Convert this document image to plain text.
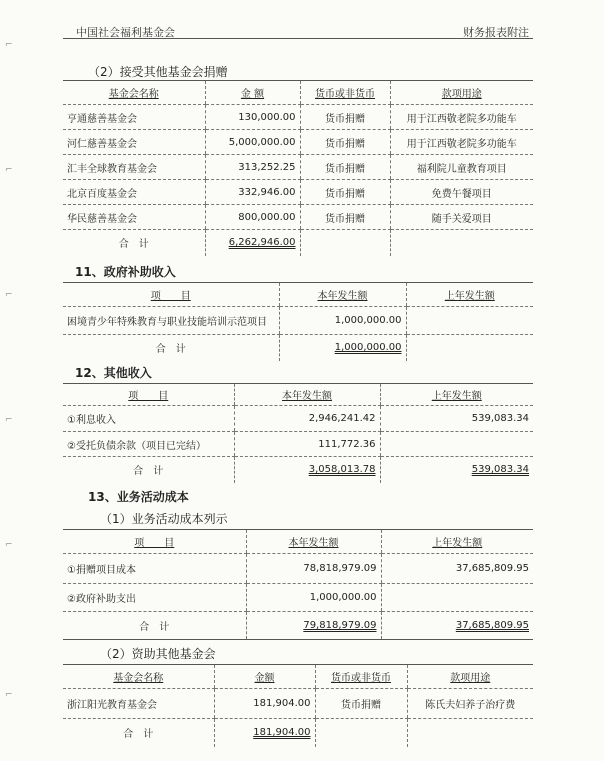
中国社会福利基金会	财务报表附注
⌐
⌐
⌐
⌐
⌐
⌐
（2）接受其他基金会捐赠
基金会名称	金 额	货币或非货币	款项用途
亨通慈善基金会	130,000.00	货币捐赠	用于江西敬老院多功能车
河仁慈善基金会	5,000,000.00	货币捐赠	用于江西敬老院多功能车
汇丰全球教育基金会	313,252.25	货币捐赠	福利院儿童教育项目
北京百度基金会	332,946.00	货币捐赠	免费午餐项目
华民慈善基金会	800,000.00	货币捐赠	随手关爱项目
合　计	6,262,946.00		
11、政府补助收入
项　　目	本年发生额	上年发生额
困境青少年特殊教育与职业技能培训示范项目	1,000,000.00	
合　计	1,000,000.00	
12、其他收入
项　　目	本年发生额	上年发生额
①利息收入	2,946,241.42	539,083.34
②受托负债余款（项目已完结）	111,772.36	
合　计	3,058,013.78	539,083.34
13、业务活动成本
（1）业务活动成本列示
项　　目	本年发生额	上年发生额
①捐赠项目成本	78,818,979.09	37,685,809.95
②政府补助支出	1,000,000.00	
合　计	79,818,979.09	37,685,809.95
（2）资助其他基金会
基金会名称	金额	货币或非货币	款项用途
浙江阳光教育基金会	181,904.00	货币捐赠	陈氏夫妇养子治疗费
合　计	181,904.00		
